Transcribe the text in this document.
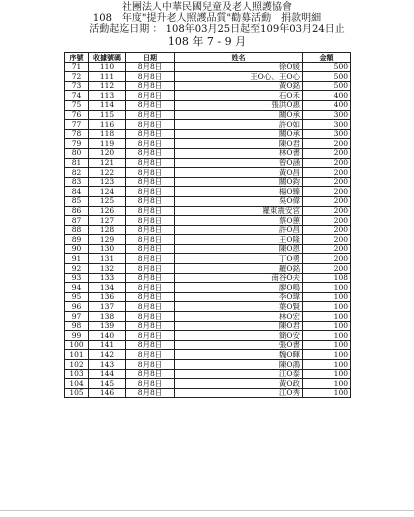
社團法人中華民國兒童及老人照護協會
108　年度"提升老人照護品質"勸募活動　捐款明細
活動起迄日期 ： 108年03月25日起至109年03月24日止
108 年 7 - 9 月
序號	收據號碼	日期	姓名	金額
71	110	8月8日	徐O媛	500
72	111	8月8日	王O心、王O心	500
73	112	8月8日	黃O銘	500
74	113	8月8日	石O禾	400
75	114	8月8日	張洪O惠	400
76	115	8月8日	關O承	300
77	116	8月8日	許O如	300
78	118	8月8日	關O承	300
79	119	8月8日	陳O君	200
80	120	8月8日	林O書	200
81	121	8月8日	曾O涵	200
82	122	8月8日	黃O昌	200
83	123	8月8日	關O鈞	200
84	124	8月8日	楊O臻	200
85	125	8月8日	吳O偉	200
86	126	8月8日	羅東震安宮	200
87	127	8月8日	蔡O蕙	200
88	128	8月8日	許O昌	200
89	129	8月8日	王O隆	200
90	130	8月8日	陳O恩	200
91	131	8月8日	丁O勇	200
92	132	8月8日	羅O銘	200
93	133	8月8日	南谷O夫	108
94	134	8月8日	廖O鳴	100
95	136	8月8日	李O瑋	100
96	137	8月8日	葉O賢	100
97	138	8月8日	林O宏	100
98	139	8月8日	陳O君	100
99	140	8月8日	簡O安	100
100	141	8月8日	張O書	100
101	142	8月8日	魏O暉	100
102	143	8月8日	陳O鴻	100
103	144	8月8日	江O泰	100
104	145	8月8日	黃O政	100
105	146	8月8日	江O秀	100
